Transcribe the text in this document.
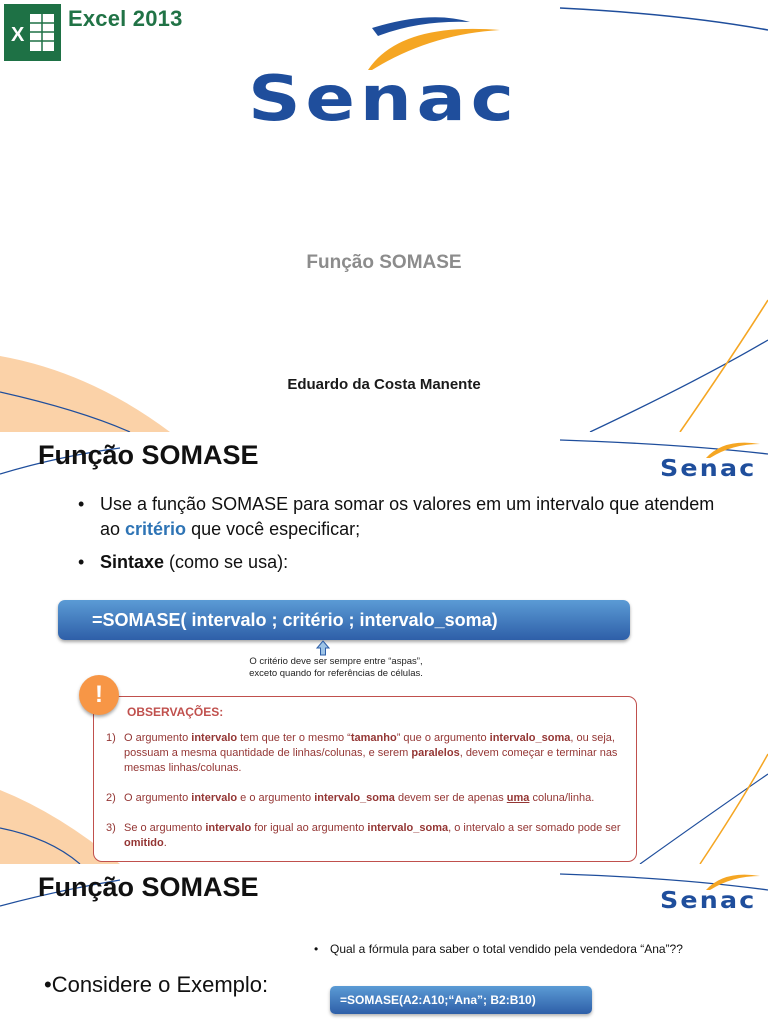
X
Excel 2013
Senac
Função SOMASE
Eduardo da Costa Manente
Função SOMASE	Senac
• Use a função SOMASE para somar os valores em um intervalo que atendem ao critério que você especificar;
• Sintaxe (como se usa):
=SOMASE( intervalo ; critério ; intervalo_soma)
O critério deve ser sempre entre “aspas”, exceto quando for referências de células.
!
OBSERVAÇÕES:
1) O argumento intervalo tem que ter o mesmo “tamanho” que o argumento intervalo_soma, ou seja, possuam a mesma quantidade de linhas/colunas, e serem paralelos, devem começar e terminar nas mesmas linhas/colunas.
2) O argumento intervalo e o argumento intervalo_soma devem ser de apenas uma coluna/linha.
3) Se o argumento intervalo for igual ao argumento intervalo_soma, o intervalo a ser somado pode ser omitido.
Função SOMASE	Senac
•Considere o Exemplo:
• Qual a fórmula para saber o total vendido pela vendedora “Ana”??
=SOMASE(A2:A10;“Ana”; B2:B10)
